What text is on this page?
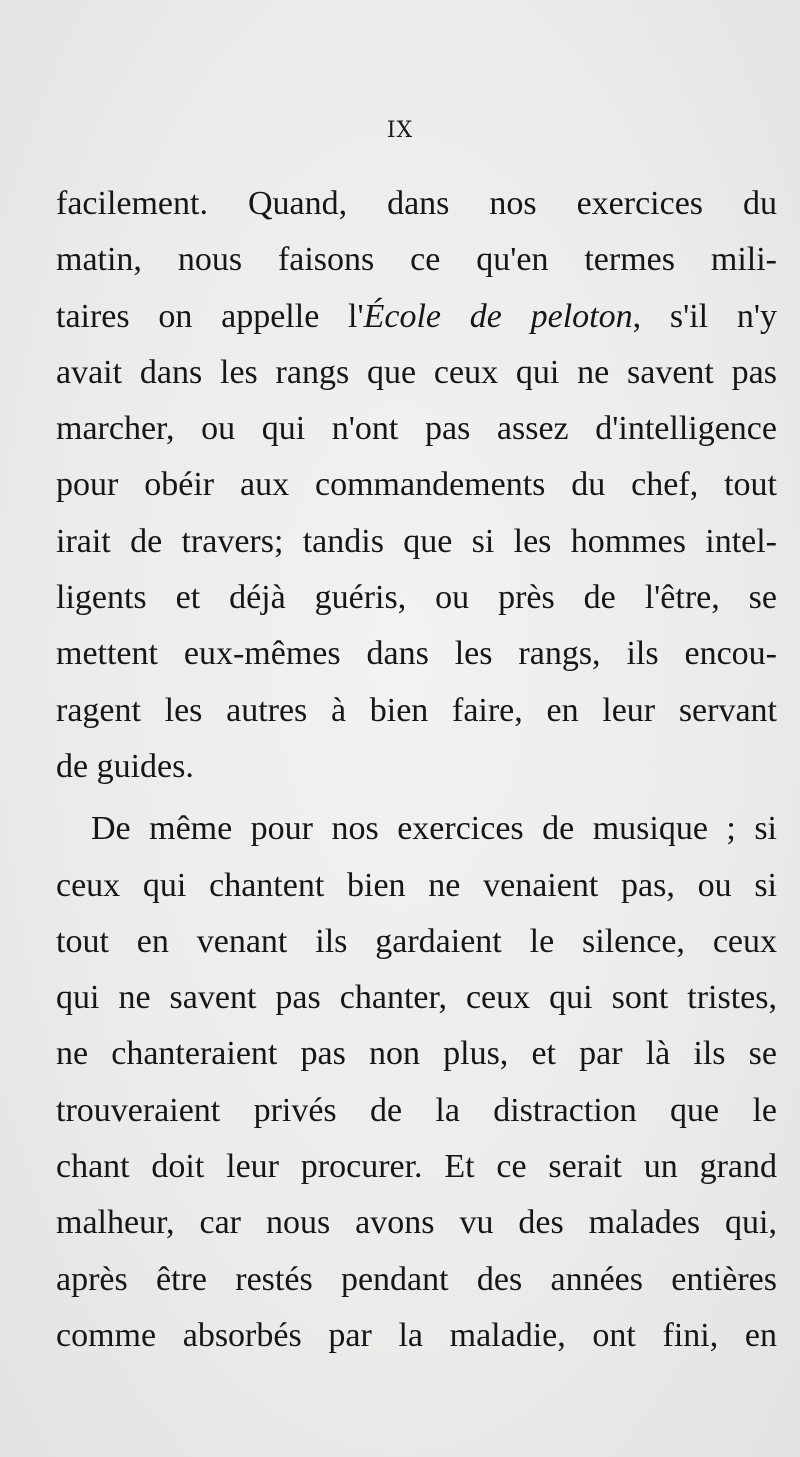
IX
facilement. Quand, dans nos exercices du
matin, nous faisons ce qu'en termes mili-
taires on appelle l'École de peloton, s'il n'y
avait dans les rangs que ceux qui ne savent pas
marcher, ou qui n'ont pas assez d'intelligence
pour obéir aux commandements du chef, tout
irait de travers; tandis que si les hommes intel-
ligents et déjà guéris, ou près de l'être, se
mettent eux-mêmes dans les rangs, ils encou-
ragent les autres à bien faire, en leur servant
de guides.
De même pour nos exercices de musique ; si
ceux qui chantent bien ne venaient pas, ou si
tout en venant ils gardaient le silence, ceux
qui ne savent pas chanter, ceux qui sont tristes,
ne chanteraient pas non plus, et par là ils se
trouveraient privés de la distraction que le
chant doit leur procurer. Et ce serait un grand
malheur, car nous avons vu des malades qui,
après être restés pendant des années entières
comme absorbés par la maladie, ont fini, en
